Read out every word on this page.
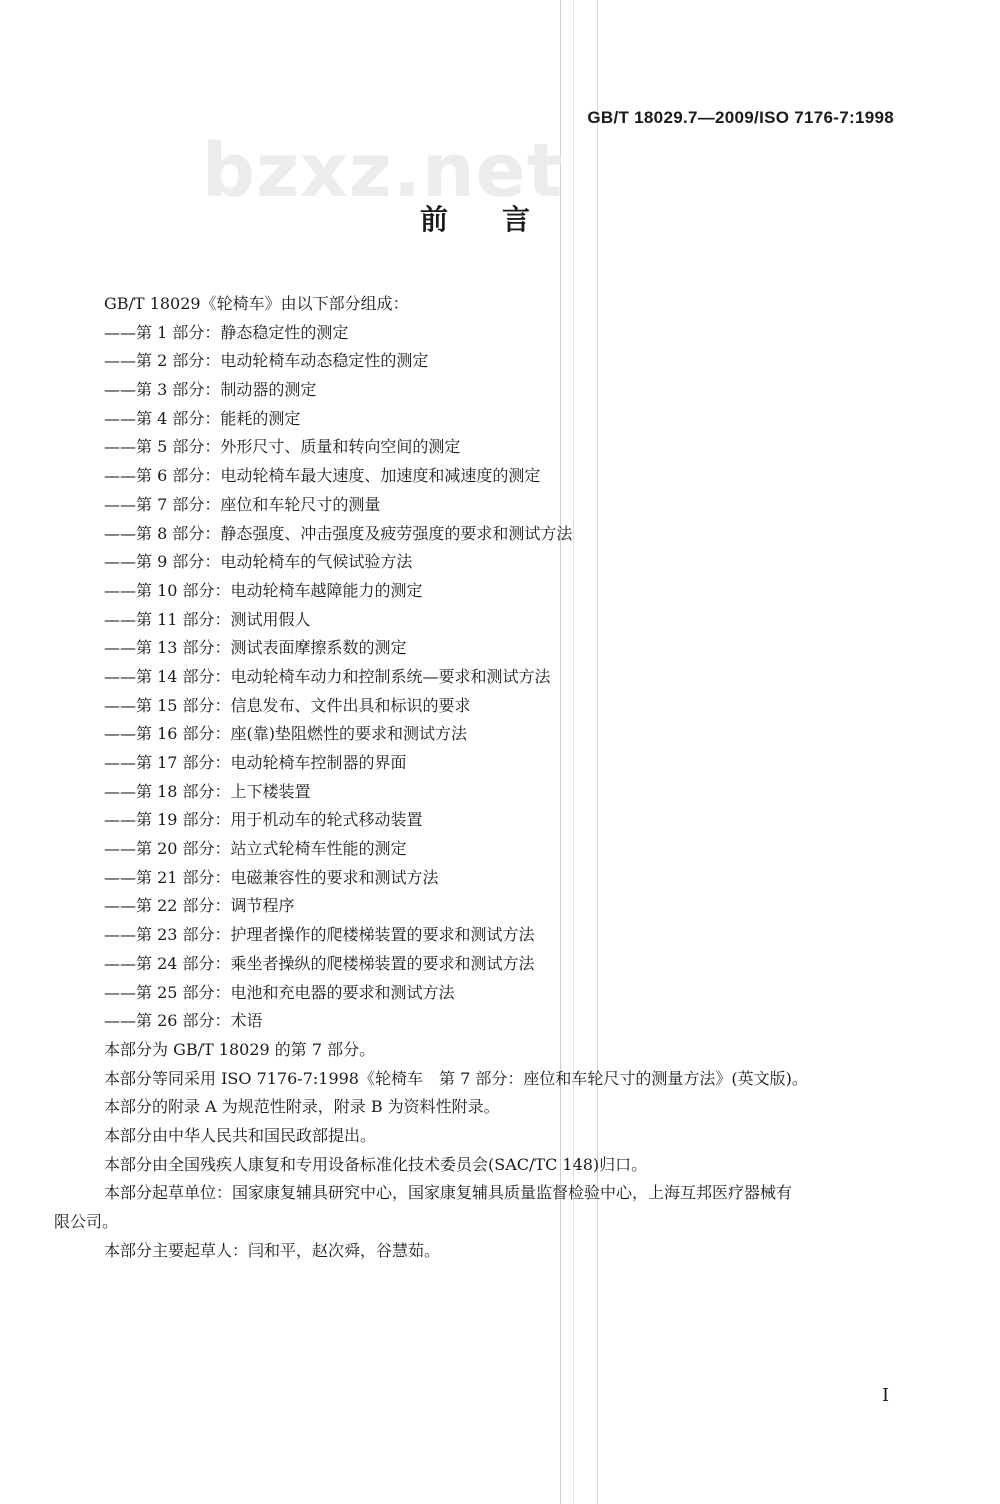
bzxz.net
GB/T 18029.7—2009/ISO 7176-7:1998
前言
GB/T 18029《轮椅车》由以下部分组成：
——第 1 部分：静态稳定性的测定
——第 2 部分：电动轮椅车动态稳定性的测定
——第 3 部分：制动器的测定
——第 4 部分：能耗的测定
——第 5 部分：外形尺寸、质量和转向空间的测定
——第 6 部分：电动轮椅车最大速度、加速度和减速度的测定
——第 7 部分：座位和车轮尺寸的测量
——第 8 部分：静态强度、冲击强度及疲劳强度的要求和测试方法
——第 9 部分：电动轮椅车的气候试验方法
——第 10 部分：电动轮椅车越障能力的测定
——第 11 部分：测试用假人
——第 13 部分：测试表面摩擦系数的测定
——第 14 部分：电动轮椅车动力和控制系统—要求和测试方法
——第 15 部分：信息发布、文件出具和标识的要求
——第 16 部分：座(靠)垫阻燃性的要求和测试方法
——第 17 部分：电动轮椅车控制器的界面
——第 18 部分：上下楼装置
——第 19 部分：用于机动车的轮式移动装置
——第 20 部分：站立式轮椅车性能的测定
——第 21 部分：电磁兼容性的要求和测试方法
——第 22 部分：调节程序
——第 23 部分：护理者操作的爬楼梯装置的要求和测试方法
——第 24 部分：乘坐者操纵的爬楼梯装置的要求和测试方法
——第 25 部分：电池和充电器的要求和测试方法
——第 26 部分：术语
本部分为 GB/T 18029 的第 7 部分。
本部分等同采用 ISO 7176-7:1998《轮椅车　第 7 部分：座位和车轮尺寸的测量方法》(英文版)。
本部分的附录 A 为规范性附录，附录 B 为资料性附录。
本部分由中华人民共和国民政部提出。
本部分由全国残疾人康复和专用设备标准化技术委员会(SAC/TC 148)归口。
本部分起草单位：国家康复辅具研究中心，国家康复辅具质量监督检验中心，上海互邦医疗器械有
限公司。
本部分主要起草人：闫和平，赵次舜，谷慧茹。
I
